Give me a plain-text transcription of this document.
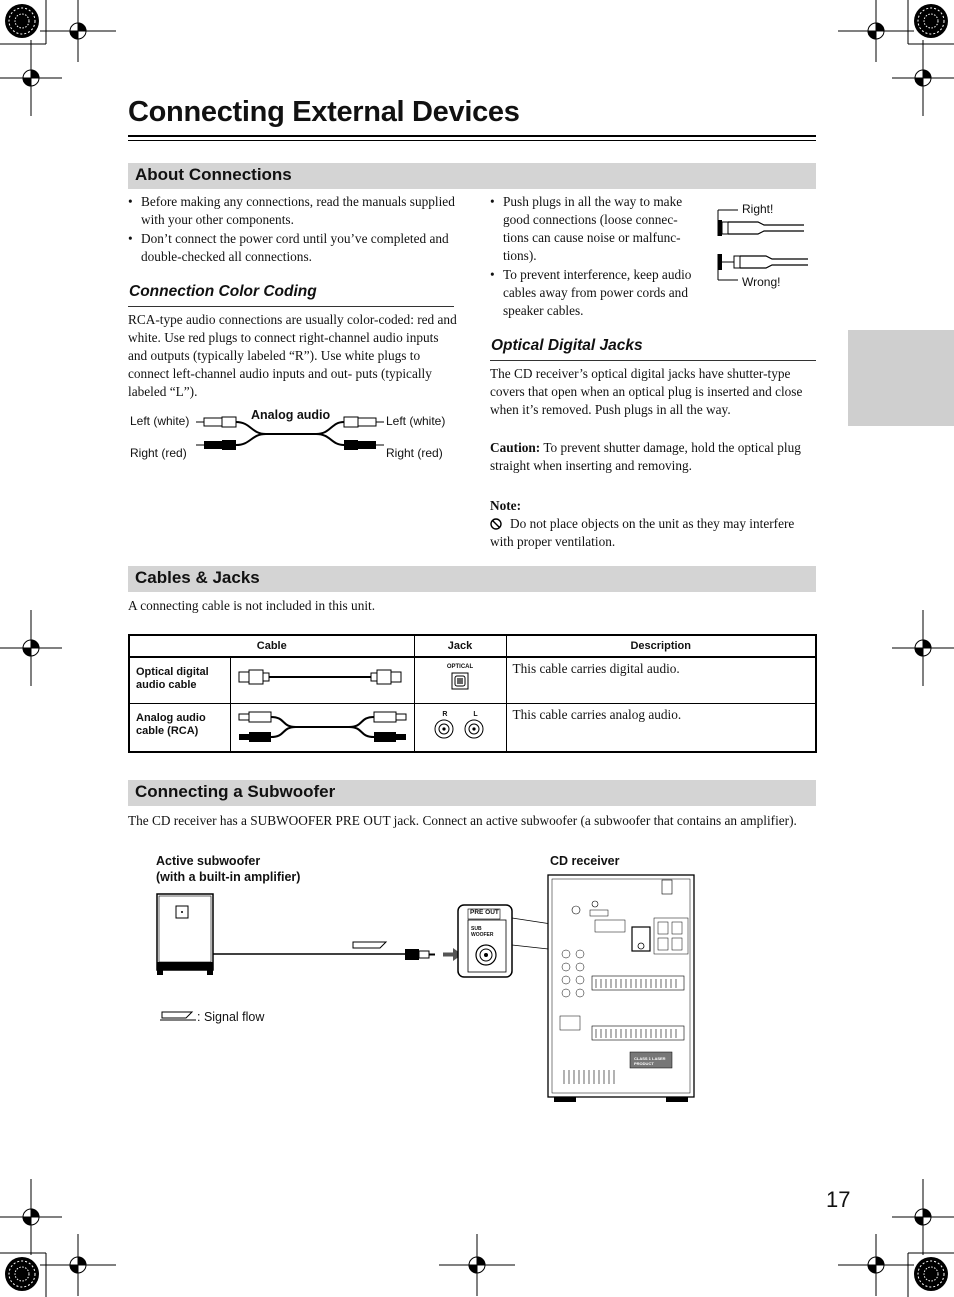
Connecting External Devices
About Connections
• Before making any connections, read the manuals supplied with your other components.
• Don’t connect the power cord until you’ve completed and double-checked all connections.
• Push plugs in all the way to make good connections (loose connec- tions can cause noise or malfunc- tions).
• To prevent interference, keep audio cables away from power cords and speaker cables.
Right!
Wrong!
Connection Color Coding
RCA-type audio connections are usually color-coded: red and white. Use red plugs to connect right-channel audio inputs and outputs (typically labeled “R”). Use white plugs to connect left-channel audio inputs and out- puts (typically labeled “L”).
Analog audio
Left (white)
Right (red)
Left (white)
Right (red)
Optical Digital Jacks
The CD receiver’s optical digital jacks have shutter-type covers that open when an optical plug is inserted and close when it’s removed. Push plugs in all the way.
Caution: To prevent shutter damage, hold the optical plug straight when inserting and removing.
Note:
Do not place objects on the unit as they may interfere with proper ventilation.
Cables & Jacks
A connecting cable is not included in this unit.
Cable		Jack	Description
Optical digital audio cable		OPTICAL	This cable carries digital audio.
Analog audio cable (RCA)		R L	This cable carries analog audio.
Connecting a Subwoofer
The CD receiver has a SUBWOOFER PRE OUT jack. Connect an active subwoofer (a subwoofer that contains an amplifier).
Active subwoofer
(with a built-in amplifier)
CD receiver
: Signal flow
PRE OUT
SUB
WOOFER
CLASS 1 LASER
PRODUCT
17
